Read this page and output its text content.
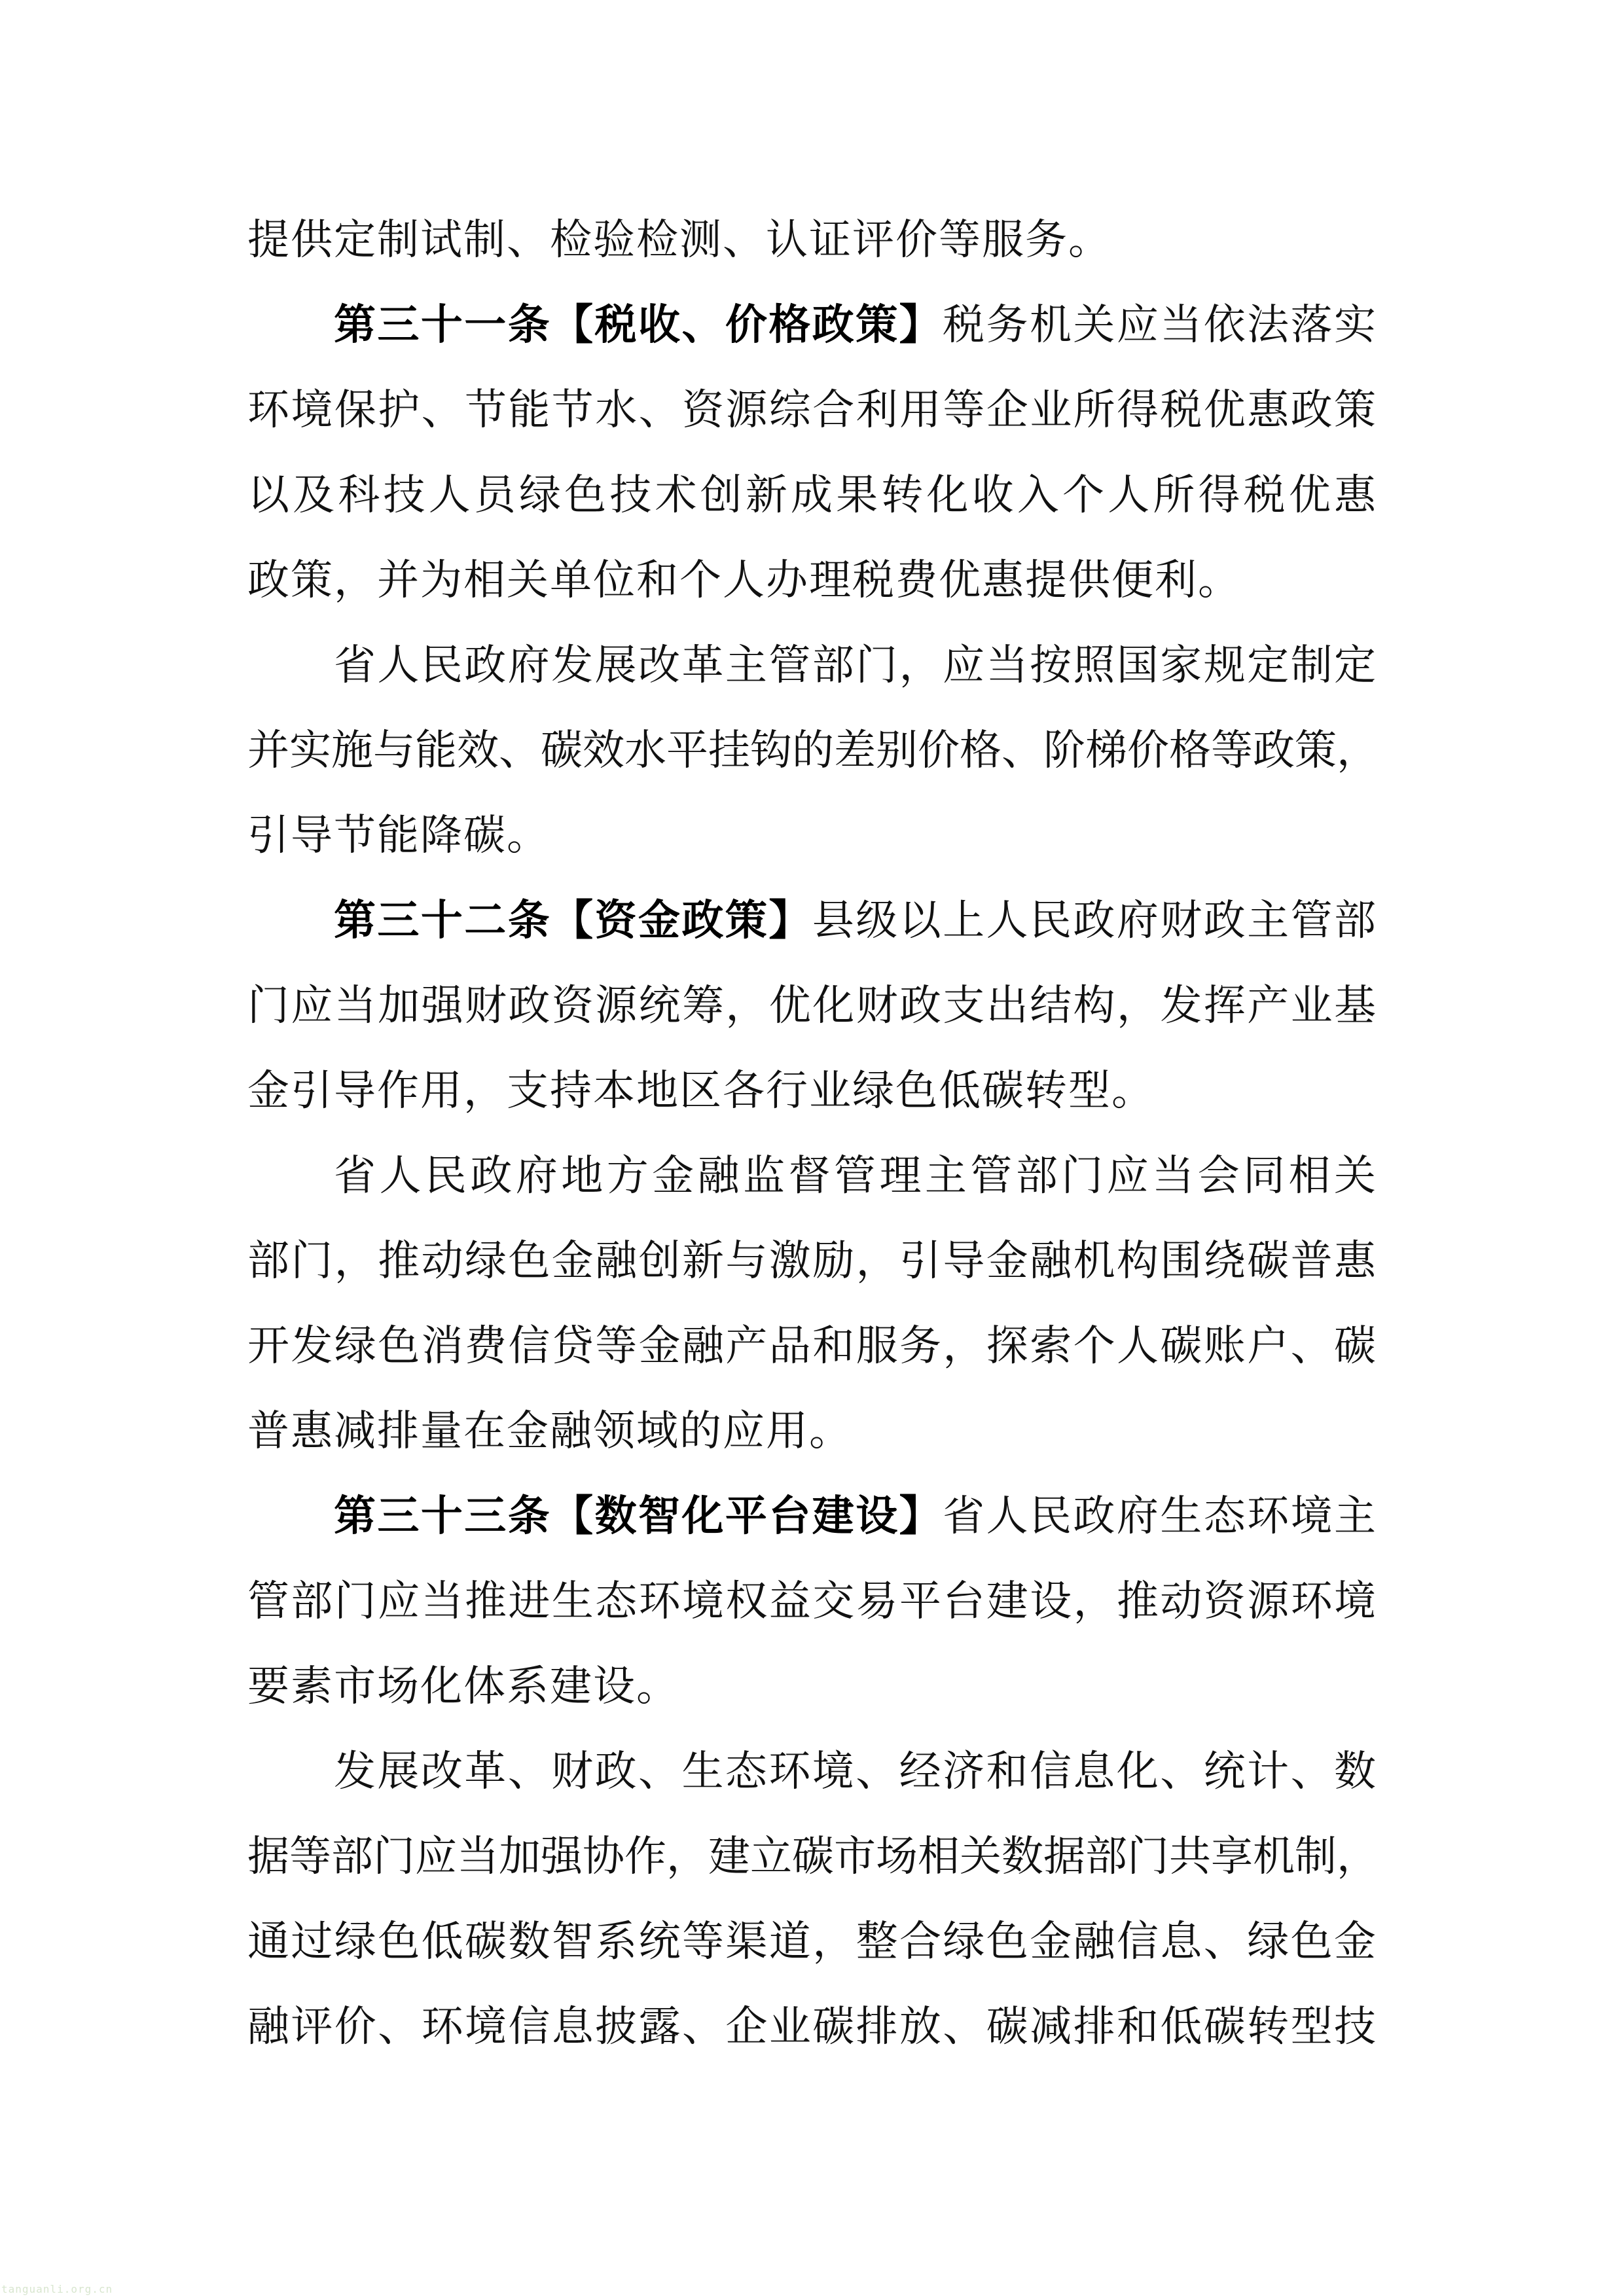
提供定制试制、检验检测、认证评价等服务。
第三十一条【税收、价格政策】税务机关应当依法落实
环境保护、节能节水、资源综合利用等企业所得税优惠政策
以及科技人员绿色技术创新成果转化收入个人所得税优惠
政策，并为相关单位和个人办理税费优惠提供便利。
省人民政府发展改革主管部门，应当按照国家规定制定
并实施与能效、碳效水平挂钩的差别价格、阶梯价格等政策，
引导节能降碳。
第三十二条【资金政策】县级以上人民政府财政主管部
门应当加强财政资源统筹，优化财政支出结构，发挥产业基
金引导作用，支持本地区各行业绿色低碳转型。
省人民政府地方金融监督管理主管部门应当会同相关
部门，推动绿色金融创新与激励，引导金融机构围绕碳普惠
开发绿色消费信贷等金融产品和服务，探索个人碳账户、碳
普惠减排量在金融领域的应用。
第三十三条【数智化平台建设】省人民政府生态环境主
管部门应当推进生态环境权益交易平台建设，推动资源环境
要素市场化体系建设。
发展改革、财政、生态环境、经济和信息化、统计、数
据等部门应当加强协作，建立碳市场相关数据部门共享机制，
通过绿色低碳数智系统等渠道，整合绿色金融信息、绿色金
融评价、环境信息披露、企业碳排放、碳减排和低碳转型技
tanguanli.org.cn
